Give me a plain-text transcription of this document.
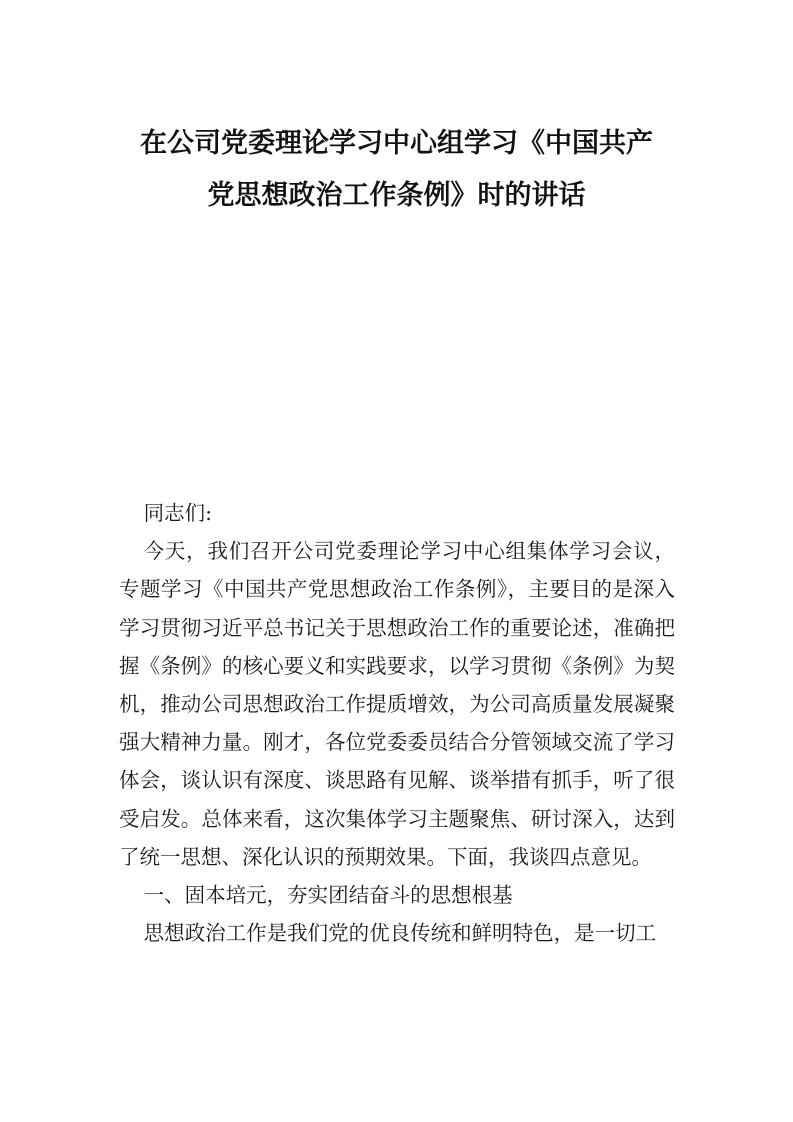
在公司党委理论学习中心组学习《中国共产
党思想政治工作条例》时的讲话

同志们:

今天，我们召开公司党委理论学习中心组集体学习会议，专题学习《中国共产党思想政治工作条例》，主要目的是深入学习贯彻习近平总书记关于思想政治工作的重要论述，准确把握《条例》的核心要义和实践要求，以学习贯彻《条例》为契机，推动公司思想政治工作提质增效，为公司高质量发展凝聚强大精神力量。刚才，各位党委委员结合分管领域交流了学习体会，谈认识有深度、谈思路有见解、谈举措有抓手，听了很受启发。总体来看，这次集体学习主题聚焦、研讨深入，达到了统一思想、深化认识的预期效果。下面，我谈四点意见。

一、固本培元，夯实团结奋斗的思想根基

思想政治工作是我们党的优良传统和鲜明特色，是一切工
